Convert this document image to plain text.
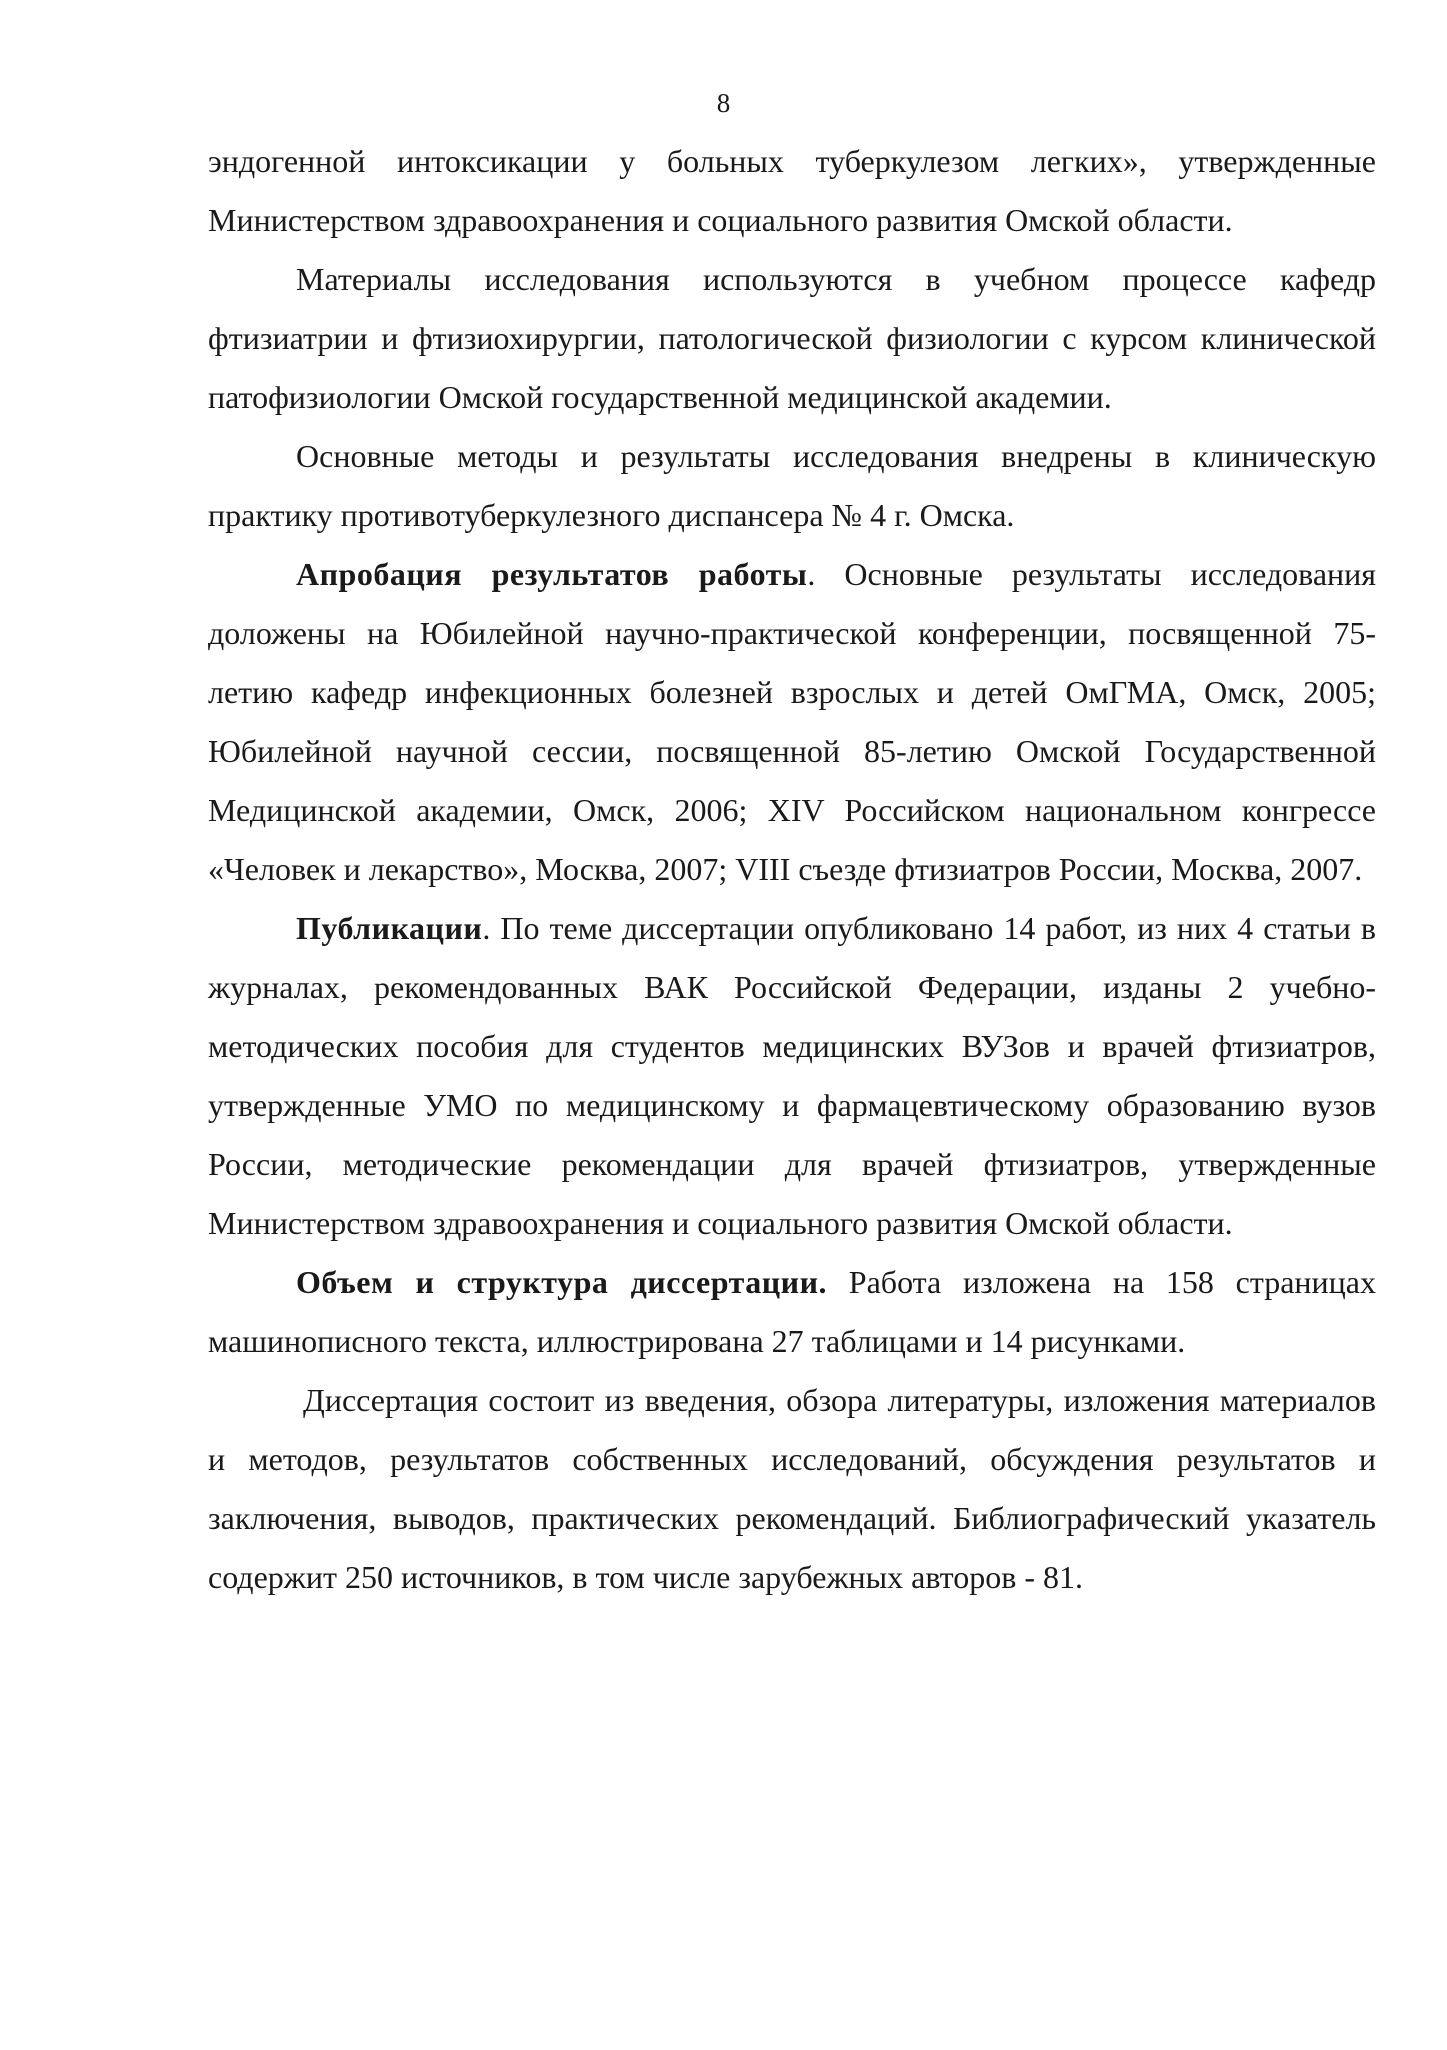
8

эндогенной интоксикации у больных туберкулезом легких», утвержденные Министерством здравоохранения и социального развития Омской области.

Материалы исследования используются в учебном процессе кафедр фтизиатрии и фтизиохирургии, патологической физиологии с курсом клинической патофизиологии Омской государственной медицинской академии.

Основные методы и результаты исследования внедрены в клиническую практику противотуберкулезного диспансера № 4 г. Омска.

Апробация результатов работы. Основные результаты исследования доложены на Юбилейной научно-практической конференции, посвященной 75-летию кафедр инфекционных болезней взрослых и детей ОмГМА, Омск, 2005; Юбилейной научной сессии, посвященной 85-летию Омской Государственной Медицинской академии, Омск, 2006; XIV Российском национальном конгрессе «Человек и лекарство», Москва, 2007; VIII съезде фтизиатров России, Москва, 2007.

Публикации. По теме диссертации опубликовано 14 работ, из них 4 статьи в журналах, рекомендованных ВАК Российской Федерации, изданы 2 учебно-методических пособия для студентов медицинских ВУЗов и врачей фтизиатров, утвержденные УМО по медицинскому и фармацевтическому образованию вузов России, методические рекомендации для врачей фтизиатров, утвержденные Министерством здравоохранения и социального развития Омской области.

Объем и структура диссертации. Работа изложена на 158 страницах машинописного текста, иллюстрирована 27 таблицами и 14 рисунками.

Диссертация состоит из введения, обзора литературы, изложения материалов и методов, результатов собственных исследований, обсуждения результатов и заключения, выводов, практических рекомендаций. Библиографический указатель содержит 250 источников, в том числе зарубежных авторов - 81.
